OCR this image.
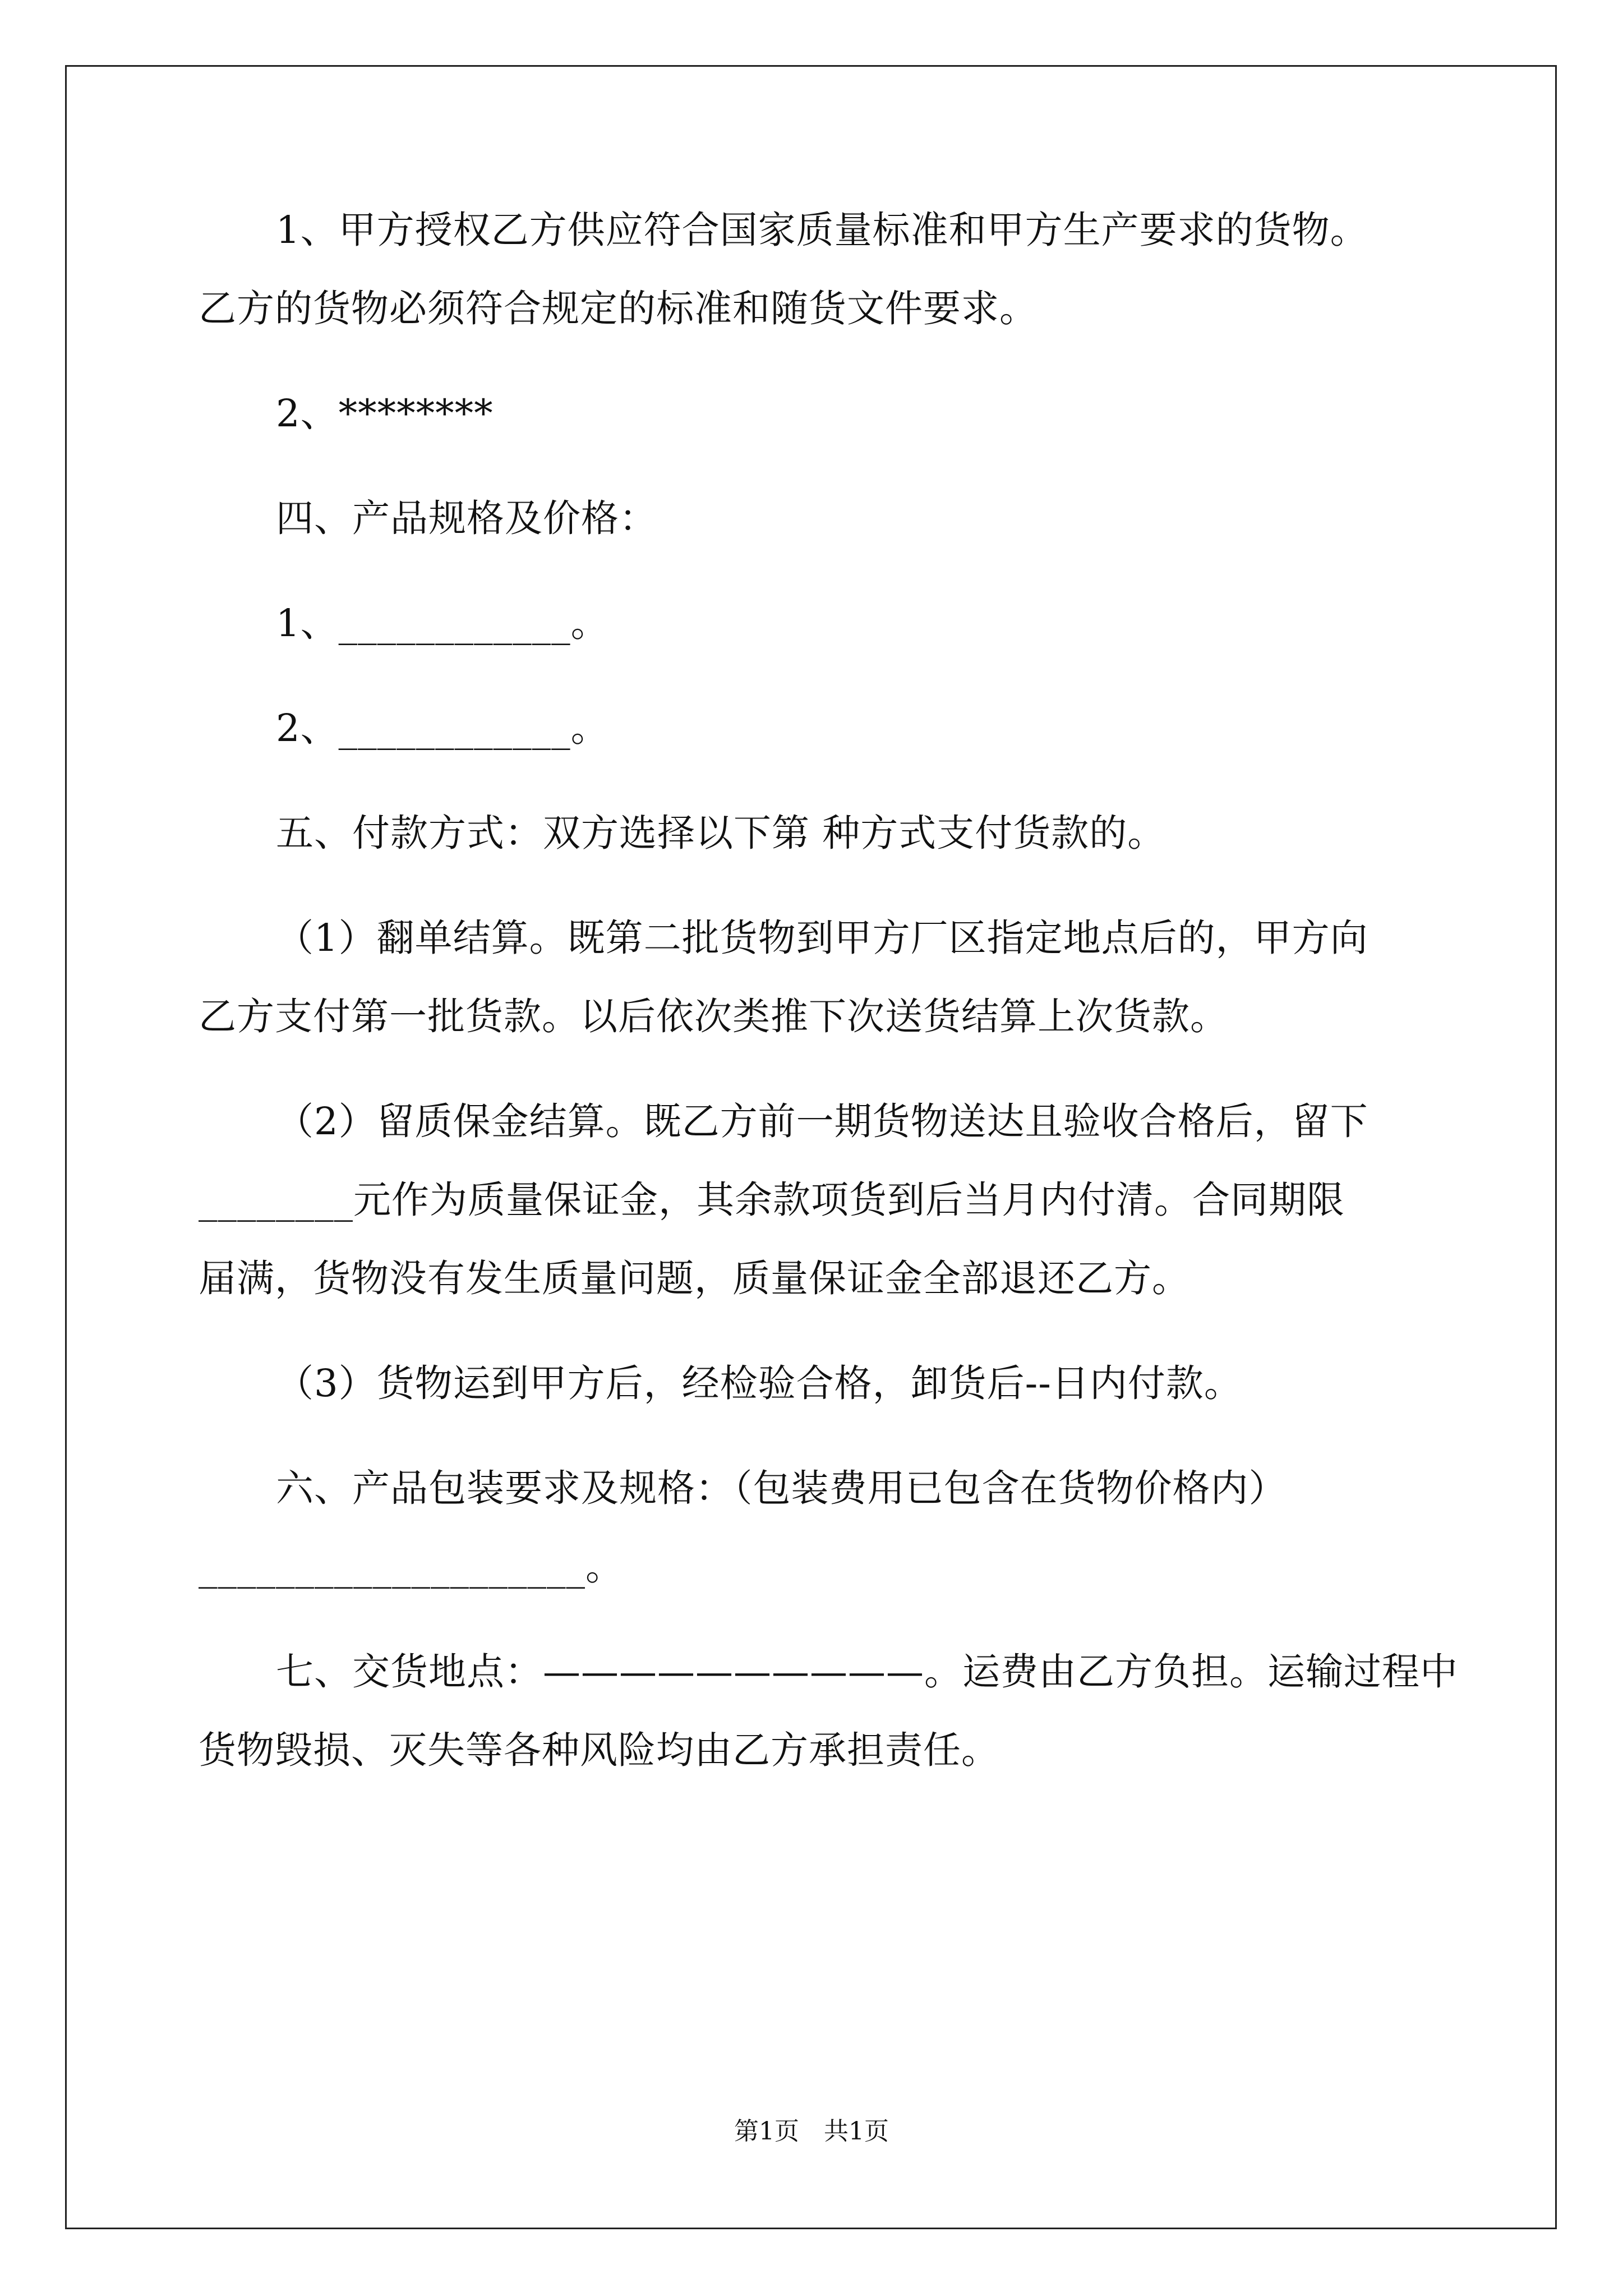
1、甲方授权乙方供应符合国家质量标准和甲方生产要求的货物。
乙方的货物必须符合规定的标准和随货文件要求。
2、********
四、产品规格及价格：
1、____________。
2、____________。
五、付款方式：双方选择以下第 种方式支付货款的。
（1）翻单结算。既第二批货物到甲方厂区指定地点后的，甲方向
乙方支付第一批货款。以后依次类推下次送货结算上次货款。
（2）留质保金结算。既乙方前一期货物送达且验收合格后，留下
________元作为质量保证金，其余款项货到后当月内付清。合同期限
届满，货物没有发生质量问题，质量保证金全部退还乙方。
（3）货物运到甲方后，经检验合格，卸货后--日内付款。
六、产品包装要求及规格：（包装费用已包含在货物价格内）
____________________。
七、交货地点：——————————。运费由乙方负担。运输过程中
货物毁损、灭失等各种风险均由乙方承担责任。
第1页　共1页
